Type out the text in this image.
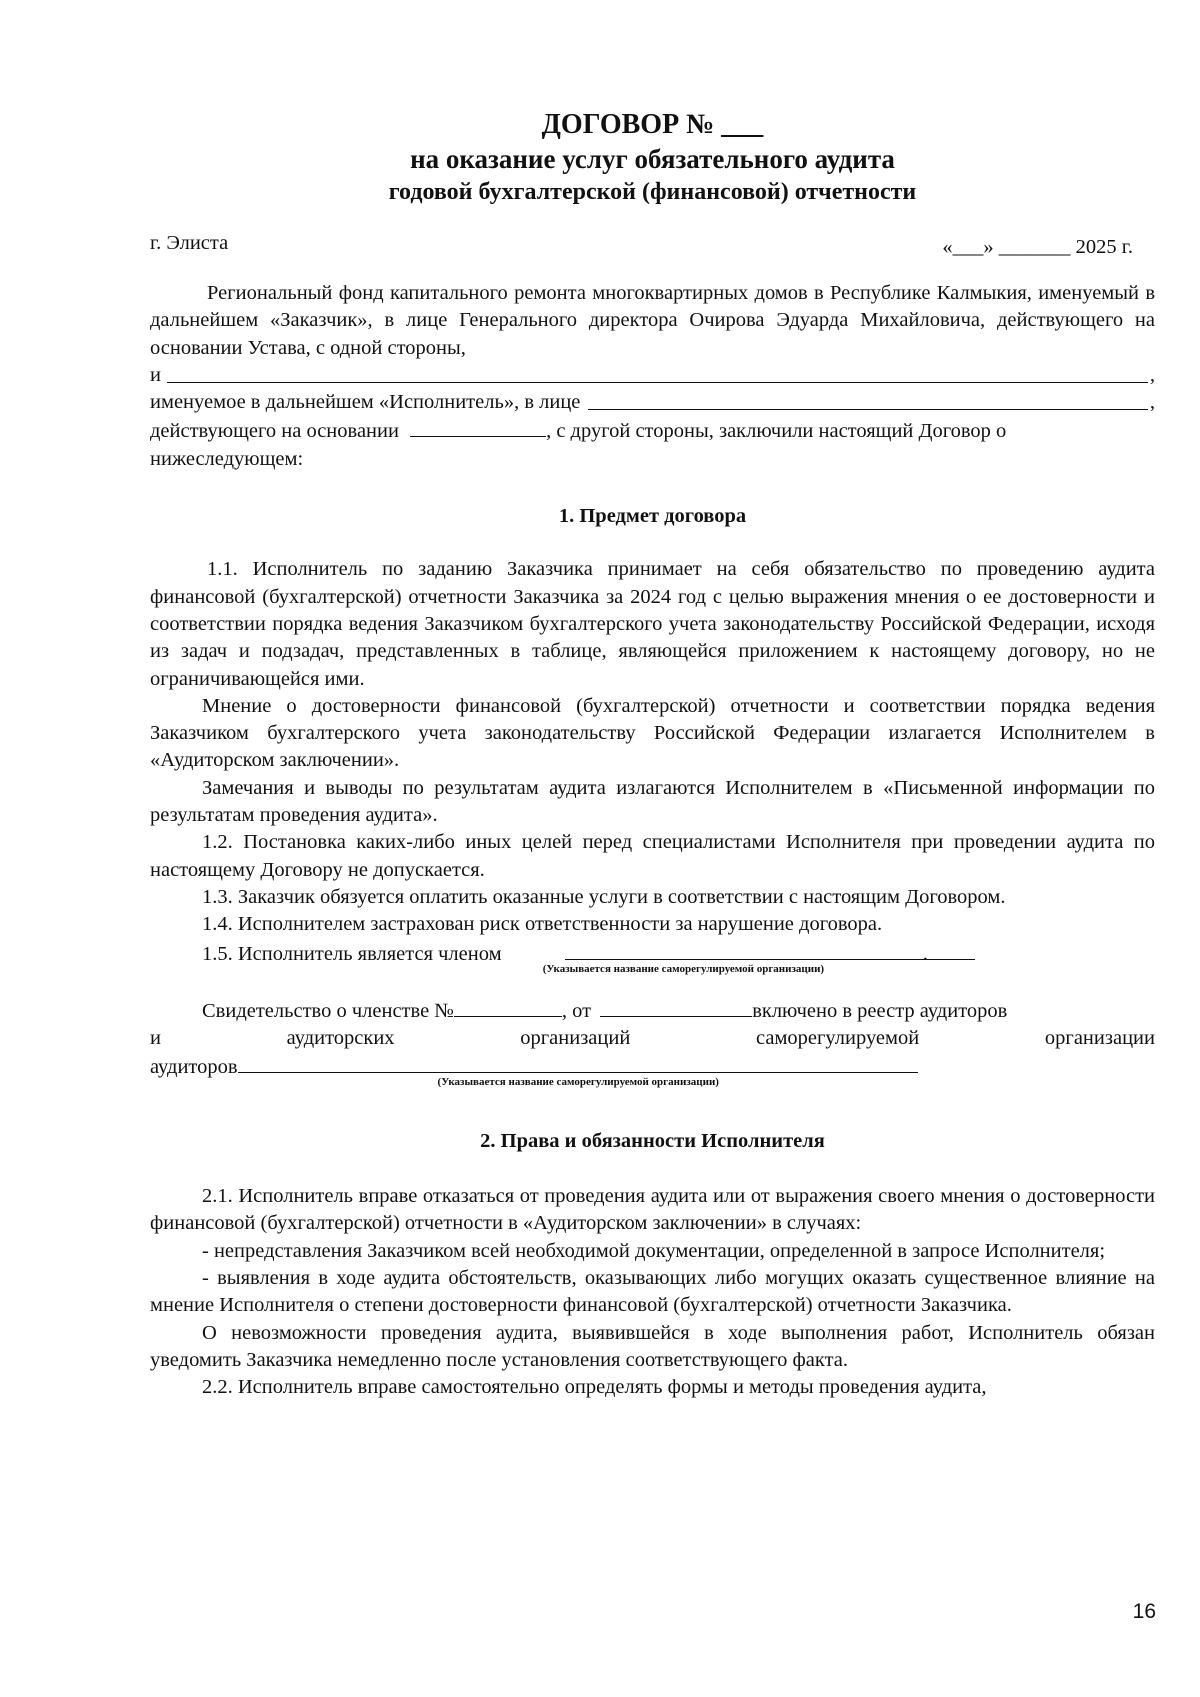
ДОГОВОР № ___
на оказание услуг обязательного аудита
годовой бухгалтерской (финансовой) отчетности
г. Элиста	«___» _______ 2025 г.

Региональный фонд капитального ремонта многоквартирных домов в Республике Калмыкия, именуемый в дальнейшем «Заказчик», в лице Генерального директора Очирова Эдуарда Михайловича, действующего на основании Устава, с одной стороны,

и	,
именуемое в дальнейшем «Исполнитель», в лице	,
действующего на основании	, с другой стороны, заключили настоящий Договор о

нижеследующем:

1. Предмет договора

1.1. Исполнитель по заданию Заказчика принимает на себя обязательство по проведению аудита финансовой (бухгалтерской) отчетности Заказчика за 2024 год с целью выражения мнения о ее достоверности и соответствии порядка ведения Заказчиком бухгалтерского учета законодательству Российской Федерации, исходя из задач и подзадач, представленных в таблице, являющейся приложением к настоящему договору, но не ограничивающейся ими.

Мнение о достоверности финансовой (бухгалтерской) отчетности и соответствии порядка ведения Заказчиком бухгалтерского учета законодательству Российской Федерации излагается Исполнителем в «Аудиторском заключении».

Замечания и выводы по результатам аудита излагаются Исполнителем в «Письменной информации по результатам проведения аудита».

1.2. Постановка каких-либо иных целей перед специалистами Исполнителя при проведении аудита по настоящему Договору не допускается.

1.3. Заказчик обязуется оплатить оказанные услуги в соответствии с настоящим Договором.

1.4. Исполнителем застрахован риск ответственности за нарушение договора.

1.5. Исполнитель является членом
(Указывается название саморегулируемой организации)
.
Свидетельство о членстве №	, от	включено в реестр аудиторов
и	аудиторских	организаций	саморегулируемой	организации
аудиторов
(Указывается название саморегулируемой организации)
2. Права и обязанности Исполнителя

2.1. Исполнитель вправе отказаться от проведения аудита или от выражения своего мнения о достоверности финансовой (бухгалтерской) отчетности в «Аудиторском заключении» в случаях:

- непредставления Заказчиком всей необходимой документации, определенной в запросе Исполнителя;

- выявления в ходе аудита обстоятельств, оказывающих либо могущих оказать существенное влияние на мнение Исполнителя о степени достоверности финансовой (бухгалтерской) отчетности Заказчика.

О невозможности проведения аудита, выявившейся в ходе выполнения работ, Исполнитель обязан уведомить Заказчика немедленно после установления соответствующего факта.

2.2. Исполнитель вправе самостоятельно определять формы и методы проведения аудита,

16
